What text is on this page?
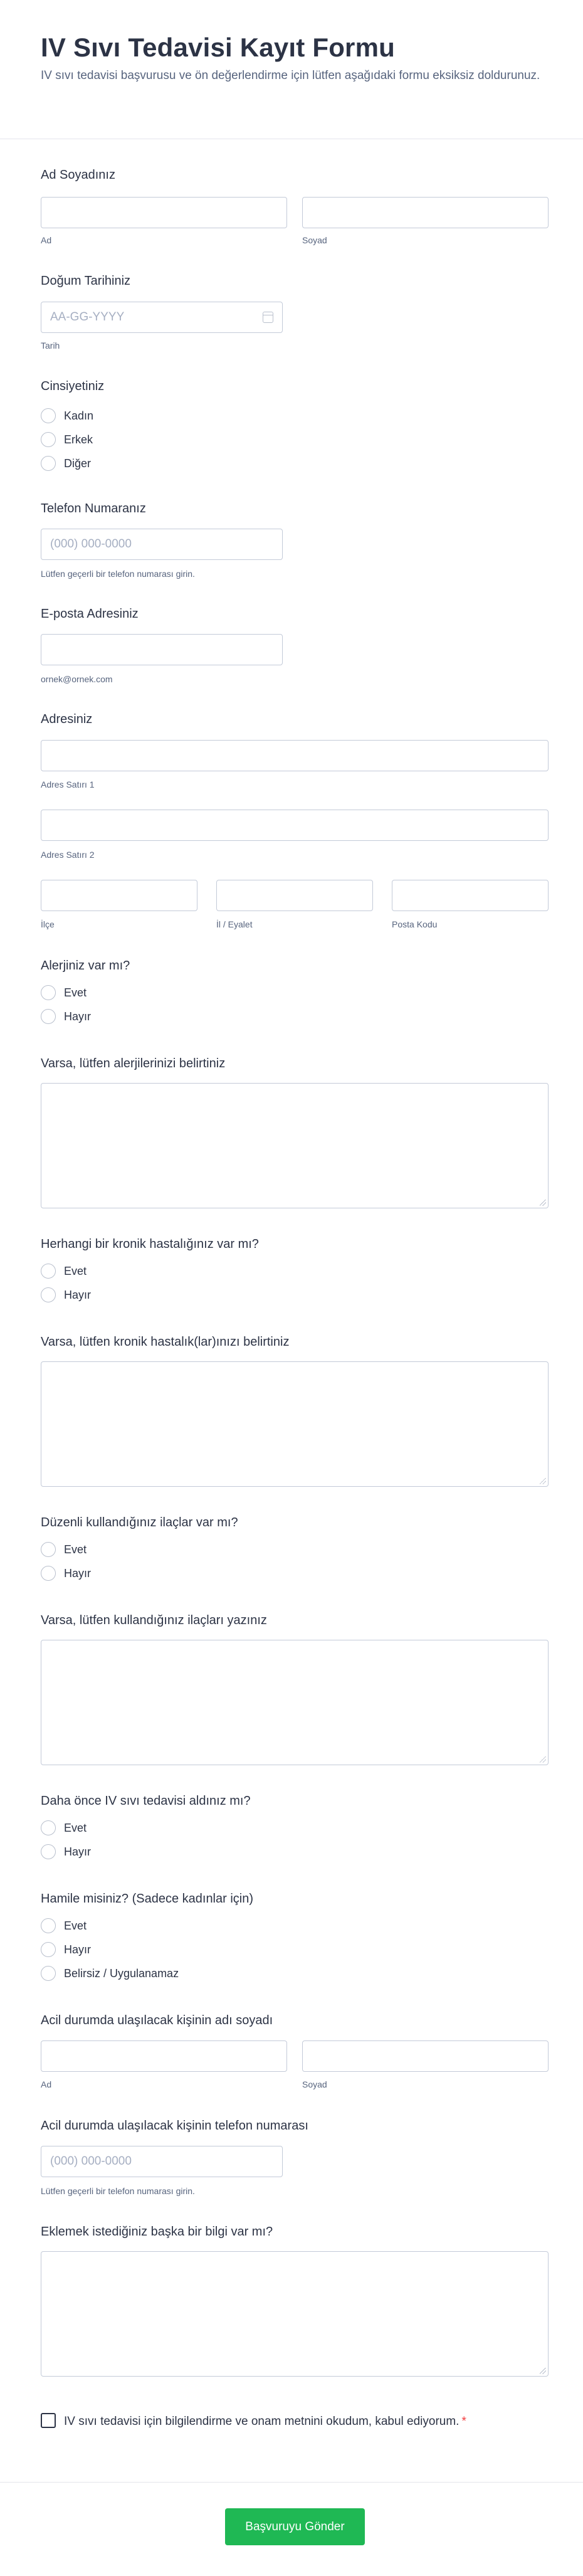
IV Sıvı Tedavisi Kayıt Formu

IV sıvı tedavisi başvurusu ve ön değerlendirme için lütfen aşağıdaki formu eksiksiz doldurunuz.

Ad Soyadınız
Ad	Soyad
Doğum Tarihiniz
AA-GG-YYYY
Tarih
Cinsiyetiniz
Kadın
Erkek
Diğer
Telefon Numaranız
(000) 000-0000
Lütfen geçerli bir telefon numarası girin.
E-posta Adresiniz
ornek@ornek.com
Adresiniz
Adres Satırı 1
Adres Satırı 2
İlçe	İl / Eyalet	Posta Kodu
Alerjiniz var mı?
Evet
Hayır
Varsa, lütfen alerjilerinizi belirtiniz
Herhangi bir kronik hastalığınız var mı?
Evet
Hayır
Varsa, lütfen kronik hastalık(lar)ınızı belirtiniz
Düzenli kullandığınız ilaçlar var mı?
Evet
Hayır
Varsa, lütfen kullandığınız ilaçları yazınız
Daha önce IV sıvı tedavisi aldınız mı?
Evet
Hayır
Hamile misiniz? (Sadece kadınlar için)
Evet
Hayır
Belirsiz / Uygulanamaz
Acil durumda ulaşılacak kişinin adı soyadı
Ad	Soyad
Acil durumda ulaşılacak kişinin telefon numarası
(000) 000-0000
Lütfen geçerli bir telefon numarası girin.
Eklemek istediğiniz başka bir bilgi var mı?
IV sıvı tedavisi için bilgilendirme ve onam metnini okudum, kabul ediyorum. *
Başvuruyu Gönder
